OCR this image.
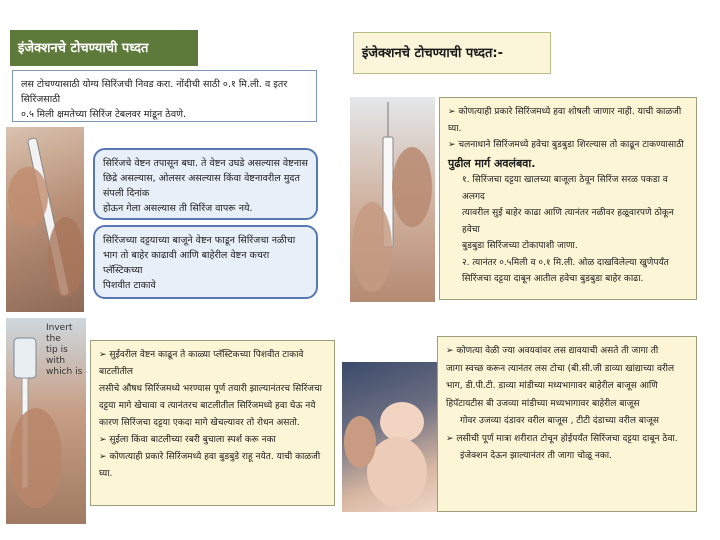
इंजेक्शनचे टोचण्याची पध्दत	इंजेक्शनचे टोचण्याची पध्दत:-

लस टोचण्यासाठी योग्य सिरिंजची निवड करा. नोंदीची साठी ०.१ मि.ली. व इतर सिरिंजसाठी

०.५ मिली क्षमतेच्या सिरिंज टेबलवर मांडून ठेवणे.

Invert the
tip is with
which is

सिरिंजचे वेष्टन तपासून बघा. ते वेष्टन उघडे असल्यास वेष्टनास

छिद्रे असल्यास, ओलसर असल्यास किंवा वेष्टनावरील मुदत संपली दिनांक

होऊन गेला असल्यास ती सिरिंज वापरू नये.

सिरिंजच्या दट्टयाच्या बाजूने वेष्टन फाडून सिरिंजचा नळीचा

भाग तो बाहेर काढावी आणि बाहेरील वेष्टन कचरा प्लॅस्टिकच्या

पिशवीत टाकावे

➢ सुईवरील वेष्टन काढून ते काळ्या प्लॅस्टिकच्या पिशवीत टाकावे बाटलीतील

लसीचे औषध सिरिंजमध्ये भरण्यास पूर्ण तयारी झाल्यानंतरच सिरिंजचा

दट्टया मागे खेचावा व त्यानंतरच बाटलीतील सिरिंजमध्ये हवा घेऊ नये

कारण सिरिंजचा दट्टया एकदा मागे खेचल्यावर तो रोधन असतो.

➢ सुईला किंवा बाटलीच्या रबरी बुचाला स्पर्श करू नका

➢ कोणत्याही प्रकारे सिरिंजमध्ये हवा बुडबुडे राहू नयेत. याची काळजी

घ्या.

➢ कोणत्याही प्रकारे सिरिंजमध्ये हवा शोषली जाणार नाही. याची काळजी घ्या.

➢ चलनाधाने सिरिंजमध्ये हवेचा बुडबुडा शिरल्यास तो काढून टाकण्यासाठी

पुढील मार्ग अवलंबवा.

१. सिरिंजचा दट्टया खालच्या बाजूला ठेवून सिरिंज सरळ पकडा व अलगद

त्यावरील सुई बाहेर काढा आणि त्यानंतर नळीवर हळूवारपणे ठोकून हवेचा

बुडबुडा सिरिंजच्या टोकापाशी जाणा.

२. त्यानंतर ०.५मिली व ०.१ मि.ली. ओळ दाखविलेल्या खुणेपर्यंत

सिरिंजचा दट्टया दाबून आतील हवेचा बुडबुडा बाहेर काढा.

➢ कोणत्या वेळी ज्या अवयवांवर लस द्यावयाची असते ती जागा ती

जागा स्वच्छ करून त्यानंतर लस टोचा (बी.सी.जी डाव्या खांद्याच्या वरील

भाग, डी.पी.टी. डाव्या मांडीच्या मध्यभागावर बाहेरील बाजूस आणि

हिपॅटायटीस बी उजव्या मांडीच्या मध्यभागावर बाहेरील बाजूस

गोवर उजव्या दंडावर वरील बाजूस , टीटी दंडाच्या वरील बाजूस

➢ लसीची पूर्ण मात्रा शरीरात टोचून होईपर्यंत सिरिंजचा दट्टया दाबून ठेवा.

इंजेक्शन देऊन झाल्यानंतर ती जागा चोळू नका.
